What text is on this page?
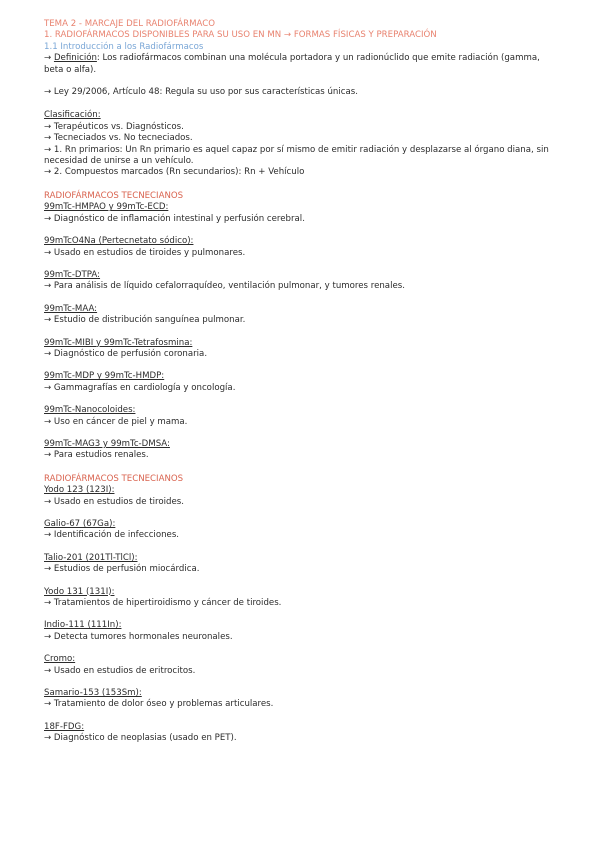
TEMA 2 - MARCAJE DEL RADIOFÁRMACO
1. RADIOFÁRMACOS DISPONIBLES PARA SU USO EN MN → FORMAS FÍSICAS Y PREPARACIÓN
1.1 Introducción a los Radiofármacos
→ Definición: Los radiofármacos combinan una molécula portadora y un radionúclido que emite radiación (gamma, beta o alfa).
→ Ley 29/2006, Artículo 48: Regula su uso por sus características únicas.
Clasificación:
→ Terapéuticos vs. Diagnósticos.
→ Tecneciados vs. No tecneciados.
→ 1. Rn primarios: Un Rn primario es aquel capaz por sí mismo de emitir radiación y desplazarse al órgano diana, sin necesidad de unirse a un vehículo.
→ 2. Compuestos marcados (Rn secundarios): Rn + Vehículo
RADIOFÁRMACOS TECNECIANOS
99mTc-HMPAO y 99mTc-ECD:
→ Diagnóstico de inflamación intestinal y perfusión cerebral.
99mTcO4Na (Pertecnetato sódico):
→ Usado en estudios de tiroides y pulmonares.
99mTc-DTPA:
→ Para análisis de líquido cefalorraquídeo, ventilación pulmonar, y tumores renales.
99mTc-MAA:
→ Estudio de distribución sanguínea pulmonar.
99mTc-MIBI y 99mTc-Tetrafosmina:
→ Diagnóstico de perfusión coronaria.
99mTc-MDP y 99mTc-HMDP:
→ Gammagrafías en cardiología y oncología.
99mTc-Nanocoloides:
→ Uso en cáncer de piel y mama.
99mTc-MAG3 y 99mTc-DMSA:
→ Para estudios renales.
RADIOFÁRMACOS TECNECIANOS
Yodo 123 (123I):
→ Usado en estudios de tiroides.
Galio-67 (67Ga):
→ Identificación de infecciones.
Talio-201 (201Tl-TlCl):
→ Estudios de perfusión miocárdica.
Yodo 131 (131I):
→ Tratamientos de hipertiroidismo y cáncer de tiroides.
Indio-111 (111In):
→ Detecta tumores hormonales neuronales.
Cromo:
→ Usado en estudios de eritrocitos.
Samario-153 (153Sm):
→ Tratamiento de dolor óseo y problemas articulares.
18F-FDG:
→ Diagnóstico de neoplasias (usado en PET).
